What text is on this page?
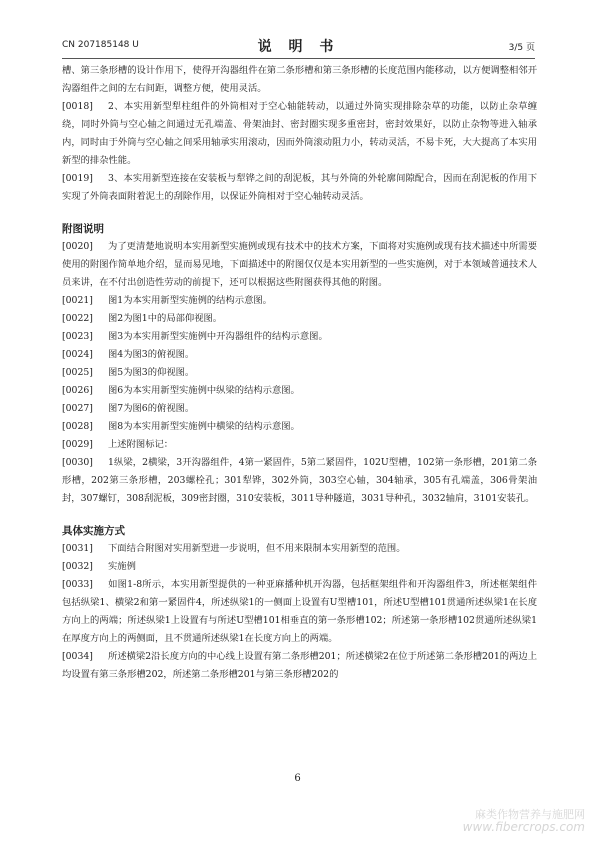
CN 207185148 U	说 明 书	3/5 页

槽、第三条形槽的设计作用下，使得开沟器组件在第二条形槽和第三条形槽的长度范围内能移动，以方便调整相邻开沟器组件之间的左右间距，调整方便，使用灵活。

[0018] 2、本实用新型犁柱组件的外筒相对于空心轴能转动，以通过外筒实现排除杂草的功能，以防止杂草缠绕，同时外筒与空心轴之间通过无孔端盖、骨架油封、密封圈实现多重密封，密封效果好，以防止杂物等进入轴承内，同时由于外筒与空心轴之间采用轴承实用滚动，因而外筒滚动阻力小，转动灵活，不易卡死，大大提高了本实用新型的排杂性能。

[0019] 3、本实用新型连接在安装板与犁铧之间的刮泥板，其与外筒的外轮廓间隙配合，因而在刮泥板的作用下实现了外筒表面附着泥土的刮除作用，以保证外筒相对于空心轴转动灵活。

附图说明

[0020] 为了更清楚地说明本实用新型实施例或现有技术中的技术方案，下面将对实施例或现有技术描述中所需要使用的附图作简单地介绍，显而易见地，下面描述中的附图仅仅是本实用新型的一些实施例，对于本领域普通技术人员来讲，在不付出创造性劳动的前提下，还可以根据这些附图获得其他的附图。

[0021] 图1为本实用新型实施例的结构示意图。

[0022] 图2为图1中的局部仰视图。

[0023] 图3为本实用新型实施例中开沟器组件的结构示意图。

[0024] 图4为图3的俯视图。

[0025] 图5为图3的仰视图。

[0026] 图6为本实用新型实施例中纵梁的结构示意图。

[0027] 图7为图6的俯视图。

[0028] 图8为本实用新型实施例中横梁的结构示意图。

[0029] 上述附图标记：

[0030] 1纵梁，2横梁，3开沟器组件，4第一紧固件，5第二紧固件，102U型槽，102第一条形槽，201第二条形槽，202第三条形槽，203螺栓孔；301犁铧，302外筒，303空心轴，304轴承，305有孔端盖，306骨架油封，307螺钉，308刮泥板，309密封圈，310安装板，3011导种隧道，3031导种孔，3032轴肩，3101安装孔。

具体实施方式

[0031] 下面结合附图对实用新型进一步说明，但不用来限制本实用新型的范围。

[0032] 实施例

[0033] 如图1-8所示，本实用新型提供的一种亚麻播种机开沟器，包括框架组件和开沟器组件3，所述框架组件包括纵梁1、横梁2和第一紧固件4，所述纵梁1的一侧面上设置有U型槽101，所述U型槽101贯通所述纵梁1在长度方向上的两端；所述纵梁1上设置有与所述U型槽101相垂直的第一条形槽102；所述第一条形槽102贯通所述纵梁1在厚度方向上的两侧面，且不贯通所述纵梁1在长度方向上的两端。

[0034] 所述横梁2沿长度方向的中心线上设置有第二条形槽201；所述横梁2在位于所述第二条形槽201的两边上均设置有第三条形槽202，所述第二条形槽201与第三条形槽202的

6
麻类作物营养与施肥网
www.fibercrops.com
